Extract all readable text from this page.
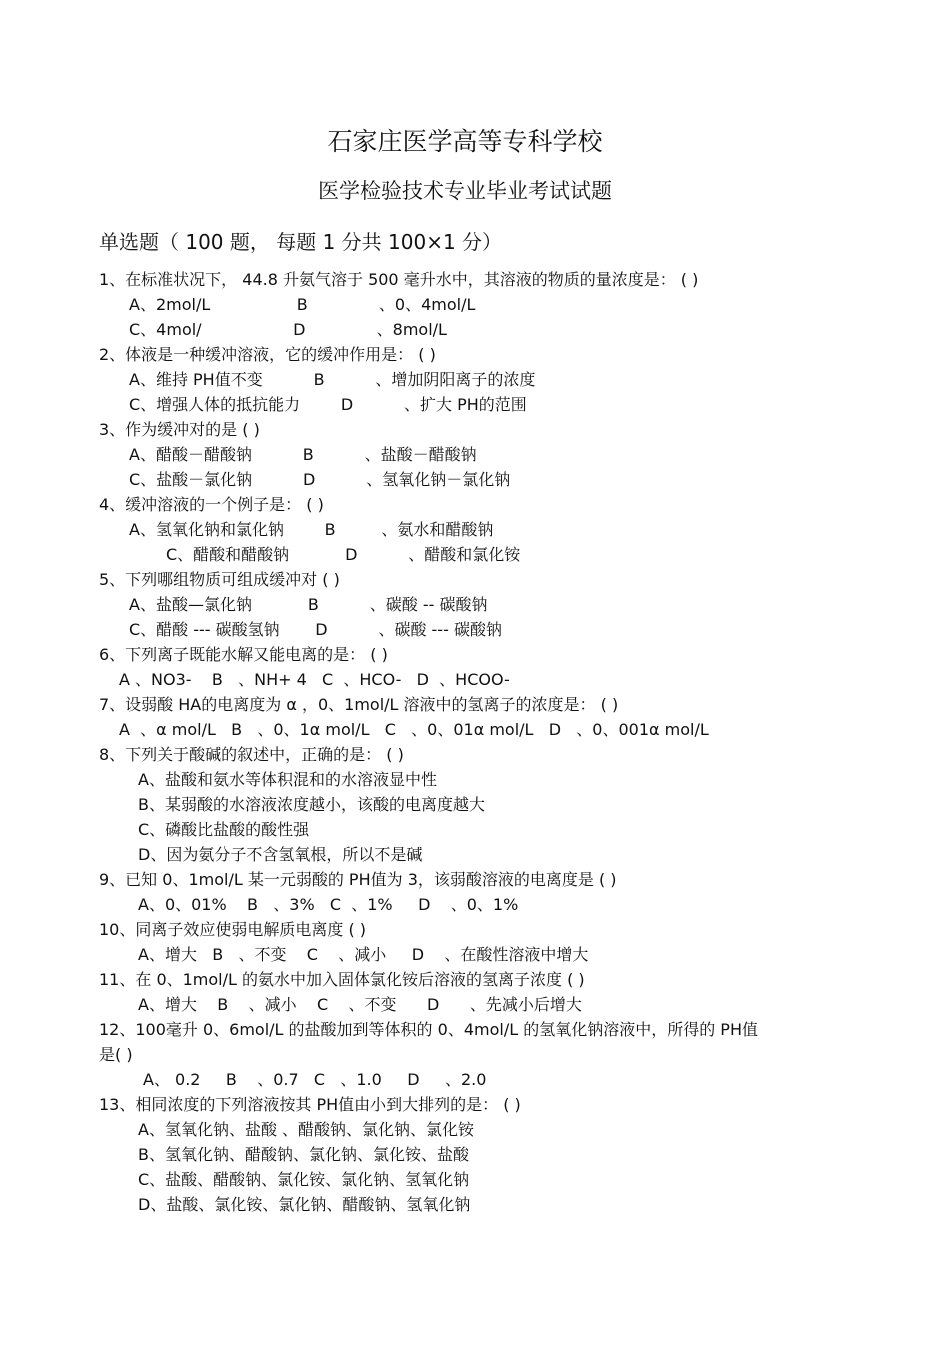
石家庄医学高等专科学校
医学检验技术专业毕业考试试题
单选题（ 100 题， 每题 1 分共 100×1 分）
1、在标准状况下， 44.8 升氨气溶于 500 毫升水中，其溶液的物质的量浓度是： ( )
A、2mol/L                 B              、0、4mol/L
C、4mol/                  D              、8mol/L
2、体液是一种缓冲溶液，它的缓冲作用是： ( )
A、维持 PH值不变          B          、增加阴阳离子的浓度
C、增强人体的抵抗能力        D          、扩大 PH的范围
3、作为缓冲对的是 ( )
A、醋酸－醋酸钠          B          、盐酸－醋酸钠
C、盐酸－氯化钠          D          、氢氧化钠－氯化钠
4、缓冲溶液的一个例子是： ( )
A、氢氧化钠和氯化钠        B         、氨水和醋酸钠
C、醋酸和醋酸钠           D          、醋酸和氯化铵
5、下列哪组物质可组成缓冲对 ( )
A、盐酸—氯化钠           B          、碳酸 -- 碳酸钠
C、醋酸 --- 碳酸氢钠       D          、碳酸 --- 碳酸钠
6、下列离子既能水解又能电离的是： ( )
A 、NO3-    B   、NH+ 4   C  、HCO-   D  、HCOO-
7、设弱酸 HA的电离度为 α ，0、1mol/L 溶液中的氢离子的浓度是： ( )
A  、α mol/L   B   、0、1α mol/L   C   、0、01α mol/L   D   、0、001α mol/L
8、下列关于酸碱的叙述中，正确的是： ( )
A、盐酸和氨水等体积混和的水溶液显中性
B、某弱酸的水溶液浓度越小，该酸的电离度越大
C、磷酸比盐酸的酸性强
D、因为氨分子不含氢氧根，所以不是碱
9、已知 0、1mol/L 某一元弱酸的 PH值为 3，该弱酸溶液的电离度是 ( )
A、0、01%    B   、3%   C  、1%     D    、0、1%
10、同离子效应使弱电解质电离度 ( )
A、增大   B   、不变    C    、减小     D    、在酸性溶液中增大
11、在 0、1mol/L 的氨水中加入固体氯化铵后溶液的氢离子浓度 ( )
A、增大    B    、减小    C    、不变      D      、先减小后增大
12、100毫升 0、6mol/L 的盐酸加到等体积的 0、4mol/L 的氢氧化钠溶液中，所得的 PH值
是( )
A、 0.2     B    、0.7   C   、1.0     D     、2.0
13、相同浓度的下列溶液按其 PH值由小到大排列的是： ( )
A、氢氧化钠、盐酸 、醋酸钠、氯化钠、氯化铵
B、氢氧化钠、醋酸钠、氯化钠、氯化铵、盐酸
C、盐酸、醋酸钠、氯化铵、氯化钠、氢氧化钠
D、盐酸、氯化铵、氯化钠、醋酸钠、氢氧化钠
